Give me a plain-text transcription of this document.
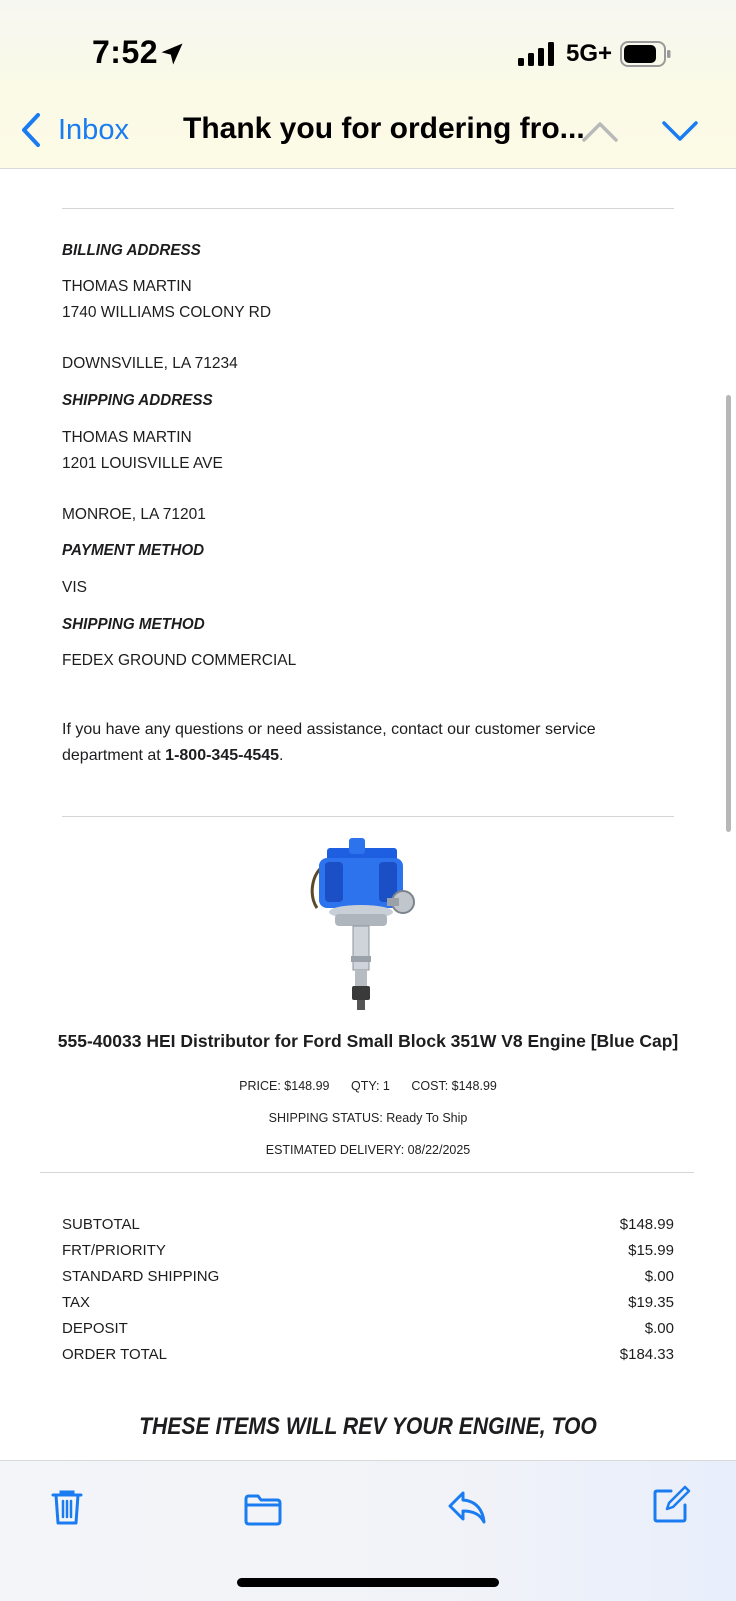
7:52	5G+
Inbox Thank you for ordering fro...
BILLING ADDRESS
THOMAS MARTIN
1740 WILLIAMS COLONY RD
DOWNSVILLE, LA 71234
SHIPPING ADDRESS
THOMAS MARTIN
1201 LOUISVILLE AVE
MONROE, LA 71201
PAYMENT METHOD
VIS
SHIPPING METHOD
FEDEX GROUND COMMERCIAL
If you have any questions or need assistance, contact our customer service department at 1-800-345-4545.
555-40033 HEI Distributor for Ford Small Block 351W V8 Engine [Blue Cap]
PRICE: $148.99 QTY: 1 COST: $148.99
SHIPPING STATUS: Ready To Ship
ESTIMATED DELIVERY: 08/22/2025
SUBTOTAL	$148.99
FRT/PRIORITY	$15.99
STANDARD SHIPPING	$.00
TAX	$19.35
DEPOSIT	$.00
ORDER TOTAL	$184.33
THESE ITEMS WILL REV YOUR ENGINE, TOO
